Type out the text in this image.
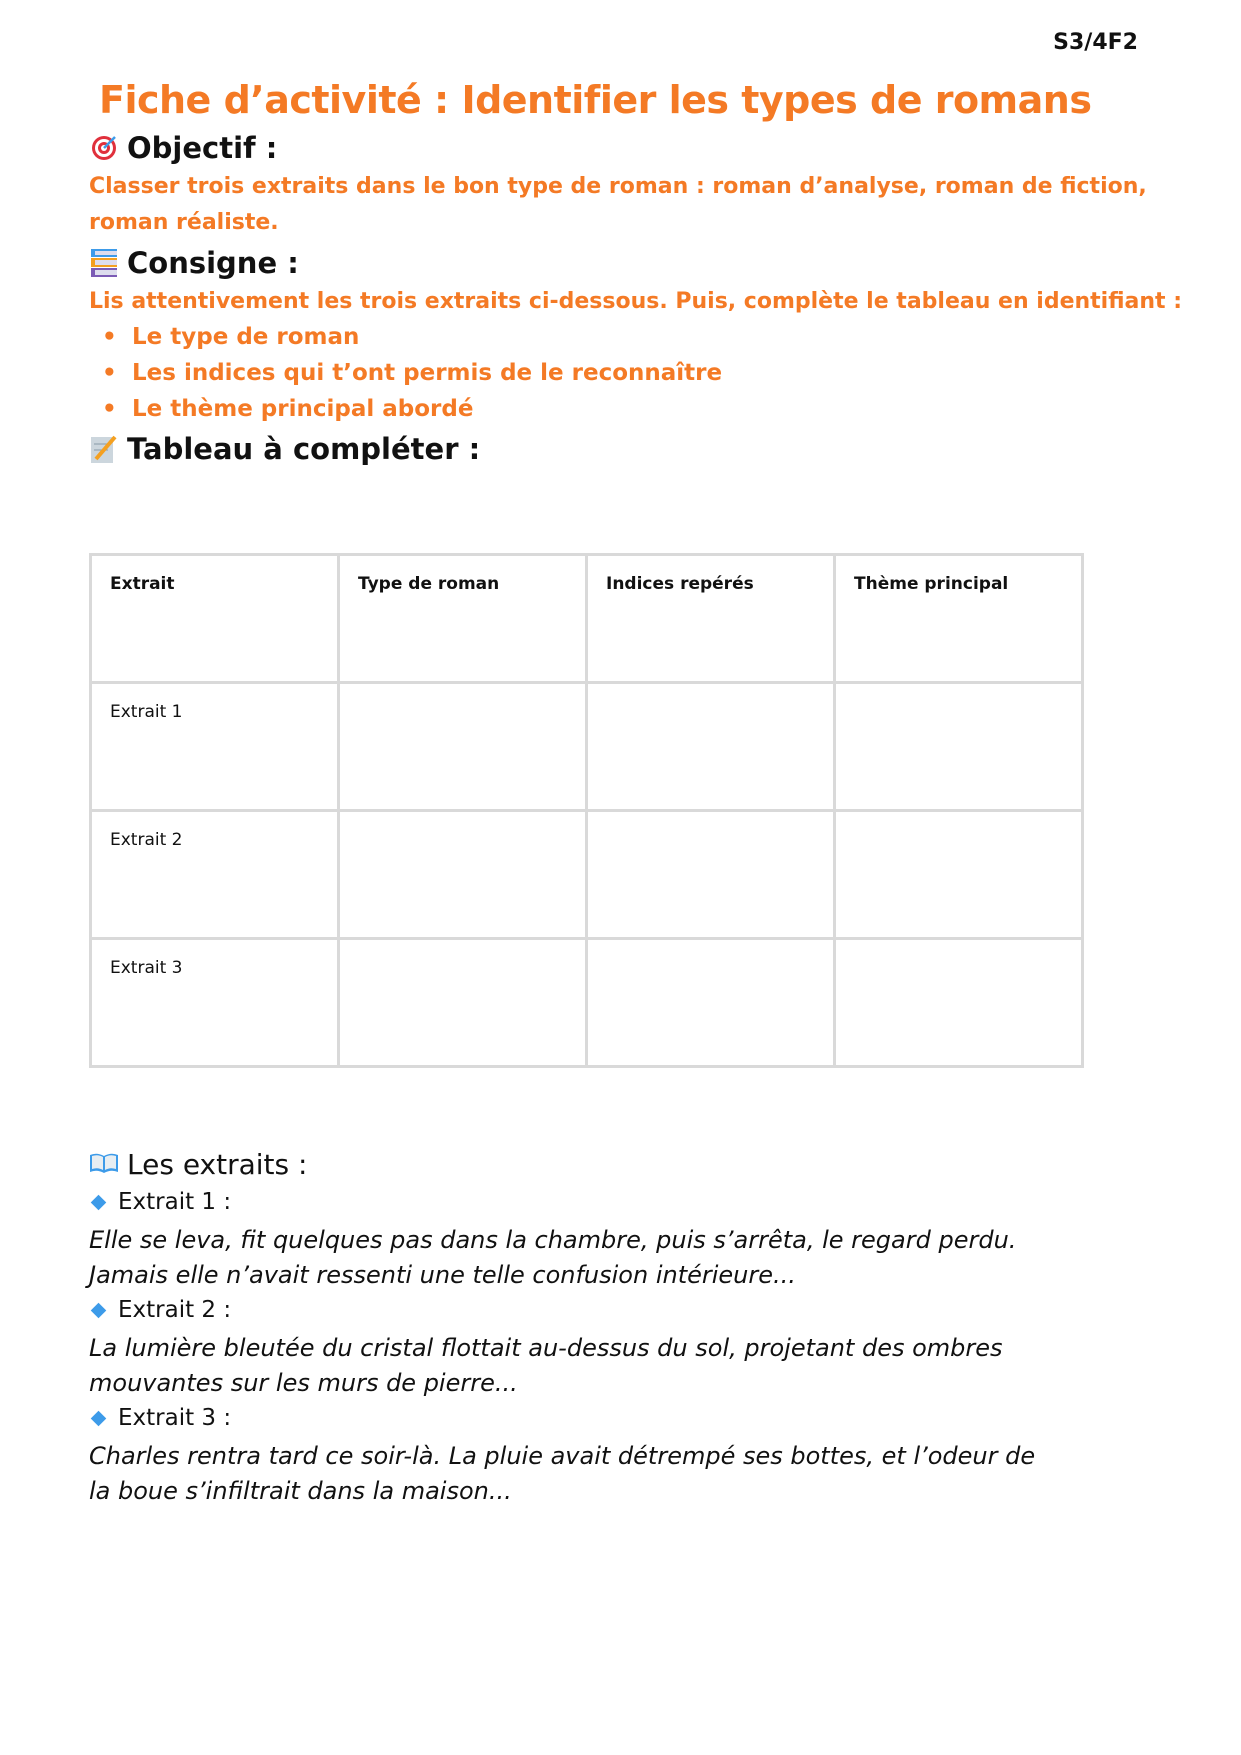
S3/4F2
Fiche d’activité : Identifier les types de romans
Objectif :
Classer trois extraits dans le bon type de roman : roman d’analyse, roman de fiction,
roman réaliste.
Consigne :
Lis attentivement les trois extraits ci-dessous. Puis, complète le tableau en identifiant :
• Le type de roman
• Les indices qui t’ont permis de le reconnaître
• Le thème principal abordé
Tableau à compléter :
Extrait	Type de roman	Indices repérés	Thème principal
Extrait 1			
Extrait 2			
Extrait 3			
Les extraits :
Extrait 1 :
Elle se leva, fit quelques pas dans la chambre, puis s’arrêta, le regard perdu.
Jamais elle n’avait ressenti une telle confusion intérieure...
Extrait 2 :
La lumière bleutée du cristal flottait au-dessus du sol, projetant des ombres
mouvantes sur les murs de pierre...
Extrait 3 :
Charles rentra tard ce soir-là. La pluie avait détrempé ses bottes, et l’odeur de
la boue s’infiltrait dans la maison...
